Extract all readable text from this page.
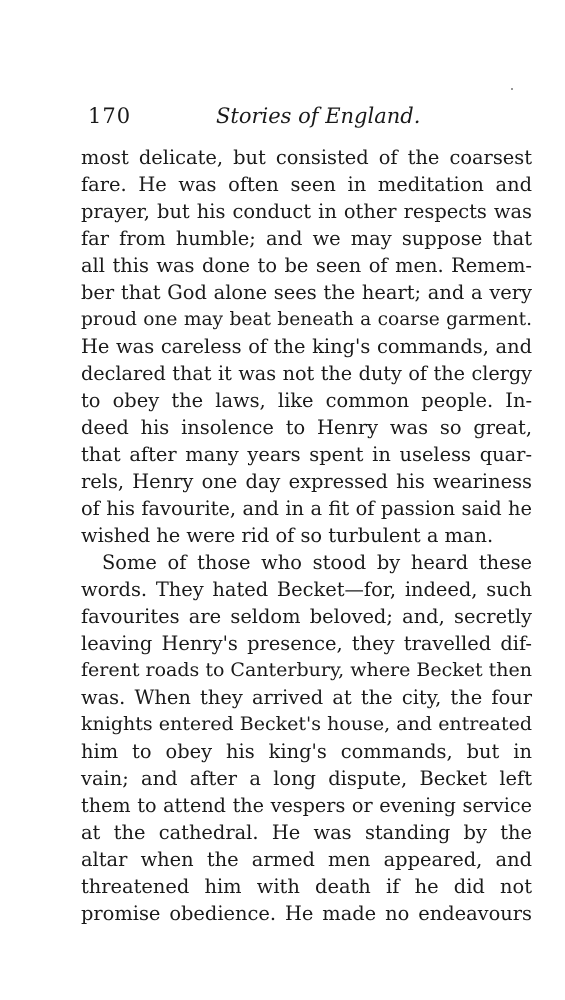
170	Stories of England.
most delicate, but consisted of the coarsest
fare. He was often seen in meditation and
prayer, but his conduct in other respects was
far from humble; and we may suppose that
all this was done to be seen of men. Remem-
ber that God alone sees the heart; and a very
proud one may beat beneath a coarse garment.
He was careless of the king's commands, and
declared that it was not the duty of the clergy
to obey the laws, like common people. In-
deed his insolence to Henry was so great,
that after many years spent in useless quar-
rels, Henry one day expressed his weariness
of his favourite, and in a fit of passion said he
wished he were rid of so turbulent a man.
Some of those who stood by heard these
words. They hated Becket—for, indeed, such
favourites are seldom beloved; and, secretly
leaving Henry's presence, they travelled dif-
ferent roads to Canterbury, where Becket then
was. When they arrived at the city, the four
knights entered Becket's house, and entreated
him to obey his king's commands, but in
vain; and after a long dispute, Becket left
them to attend the vespers or evening service
at the cathedral. He was standing by the
altar when the armed men appeared, and
threatened him with death if he did not
promise obedience. He made no endeavours
